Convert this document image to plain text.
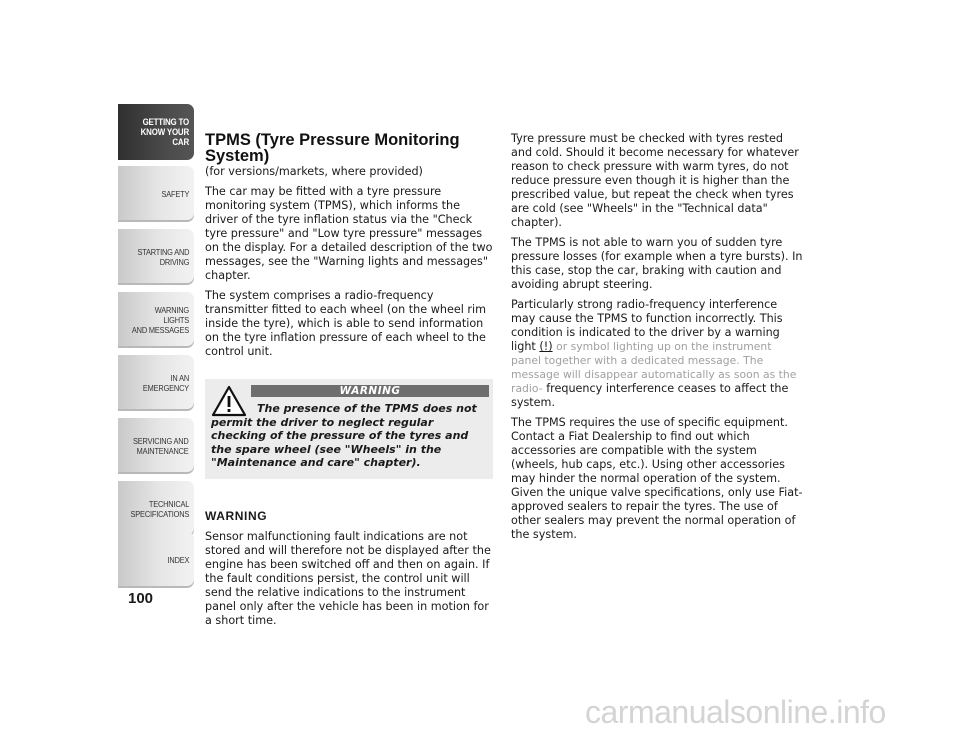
GETTING TO
KNOW YOUR CAR
SAFETY
STARTING AND
DRIVING
WARNING LIGHTS
AND MESSAGES
IN AN EMERGENCY
SERVICING AND
MAINTENANCE
TECHNICAL
SPECIFICATIONS
INDEX
100
TPMS (Tyre Pressure Monitoring System)

(for versions/markets, where provided)

The car may be fitted with a tyre pressure monitoring system (TPMS), which informs the driver of the tyre inflation status via the "Check tyre pressure" and "Low tyre pressure" messages on the display. For a detailed description of the two messages, see the "Warning lights and messages" chapter.

The system comprises a radio-frequency transmitter fitted to each wheel (on the wheel rim inside the tyre), which is able to send information on the tyre inflation pressure of each wheel to the control unit.

WARNING
The presence of the TPMS does not permit the driver to neglect regular checking of the pressure of the tyres and the spare wheel (see "Wheels" in the "Maintenance and care" chapter).
WARNING

Sensor malfunctioning fault indications are not stored and will therefore not be displayed after the engine has been switched off and then on again. If the fault conditions persist, the control unit will send the relative indications to the instrument panel only after the vehicle has been in motion for a short time.

Tyre pressure must be checked with tyres rested and cold. Should it become necessary for whatever reason to check pressure with warm tyres, do not reduce pressure even though it is higher than the prescribed value, but repeat the check when tyres are cold (see "Wheels" in the "Technical data" chapter).

The TPMS is not able to warn you of sudden tyre pressure losses (for example when a tyre bursts). In this case, stop the car, braking with caution and avoiding abrupt steering.

Particularly strong radio-frequency interference may cause the TPMS to function incorrectly. This condition is indicated to the driver by a warning light (!) or symbol lighting up on the instrument panel together with a dedicated message. The message will disappear automatically as soon as the radio- frequency interference ceases to affect the system.

The TPMS requires the use of specific equipment. Contact a Fiat Dealership to find out which accessories are compatible with the system (wheels, hub caps, etc.). Using other accessories may hinder the normal operation of the system. Given the unique valve specifications, only use Fiat-approved sealers to repair the tyres. The use of other sealers may prevent the normal operation of the system.

carmanualsonline.info
